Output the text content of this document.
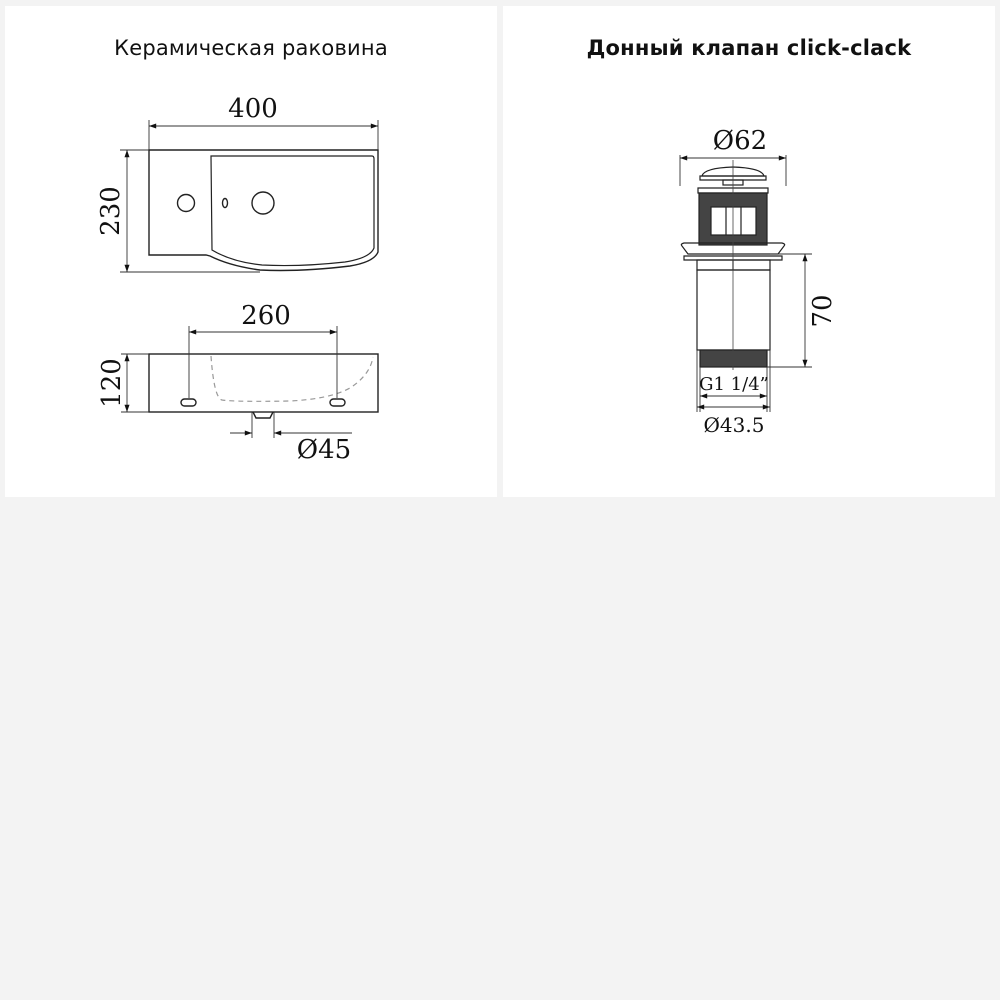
Керамическая раковина
400
230
260
120
Ø45
Донный клапан click-clack
Ø62
70
G1 1/4”
Ø43.5
